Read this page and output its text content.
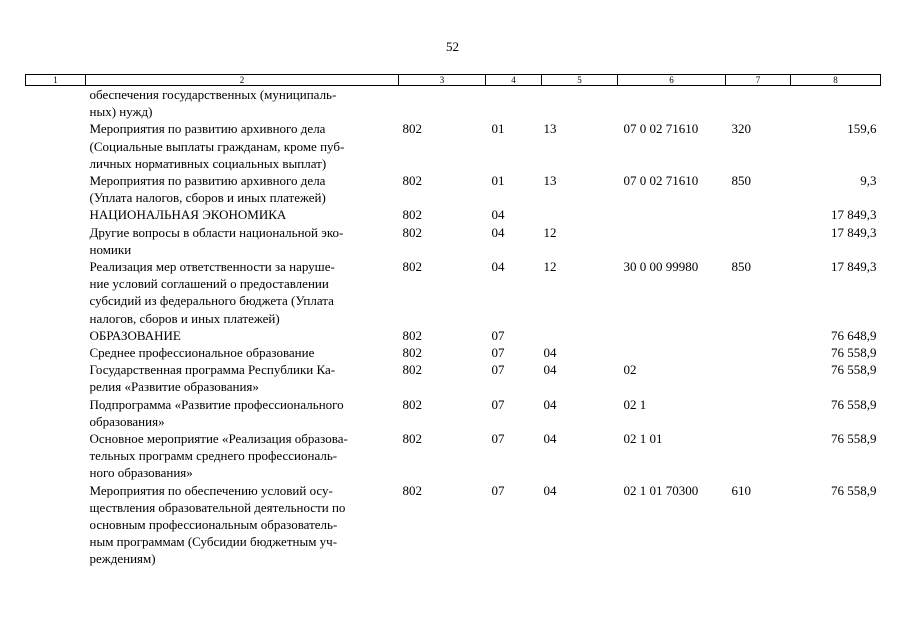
52
1	2	3	4	5	6	7	8
	обеспечения государственных (муниципаль-
ных) нужд)						
	Мероприятия по развитию архивного дела
(Социальные выплаты гражданам, кроме пуб-
личных нормативных социальных выплат)	802	01	13	07 0 02 71610	320	159,6
	Мероприятия по развитию архивного дела
(Уплата налогов, сборов и иных платежей)	802	01	13	07 0 02 71610	850	9,3
	НАЦИОНАЛЬНАЯ ЭКОНОМИКА	802	04				17 849,3
	Другие вопросы в области национальной эко-
номики	802	04	12			17 849,3
	Реализация мер ответственности за наруше-
ние условий соглашений о предоставлении
субсидий из федерального бюджета (Уплата
налогов, сборов и иных платежей)	802	04	12	30 0 00 99980	850	17 849,3
	ОБРАЗОВАНИЕ	802	07				76 648,9
	Среднее профессиональное образование	802	07	04			76 558,9
	Государственная программа Республики Ка-
релия «Развитие образования»	802	07	04	02		76 558,9
	Подпрограмма «Развитие профессионального
образования»	802	07	04	02 1		76 558,9
	Основное мероприятие «Реализация образова-
тельных программ среднего профессиональ-
ного образования»	802	07	04	02 1 01		76 558,9
	Мероприятия по обеспечению условий осу-
ществления образовательной деятельности по
основным профессиональным образователь-
ным программам (Субсидии бюджетным уч-
реждениям)	802	07	04	02 1 01 70300	610	76 558,9
